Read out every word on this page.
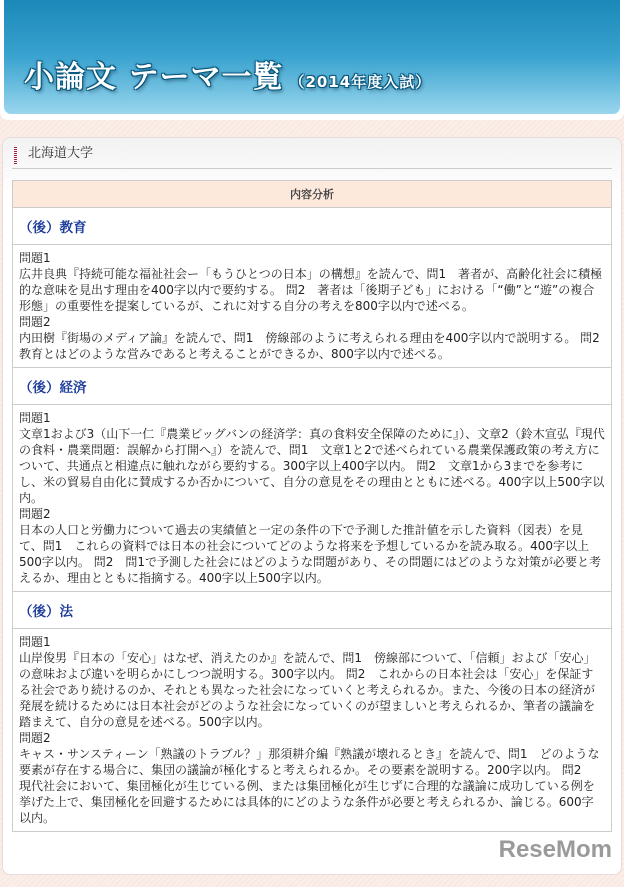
小論文 テーマ一覧 （2014年度入試）
北海道大学
内容分析
（後）教育

問題1
広井良典『持続可能な福祉社会ー「もうひとつの日本」の構想』を読んで、問1　著者が、高齢化社会に積極的な意味を見出す理由を400字以内で要約する。 問2　著者は「後期子ども」における「“働”と“遊”の複合形態」の重要性を提案しているが、これに対する自分の考えを800字以内で述べる。
問題2
内田樹『街場のメディア論』を読んで、問1　傍線部のように考えられる理由を400字以内で説明する。 問2　教育とはどのような営みであると考えることができるか、800字以内で述べる。

（後）経済

問題1
文章1および3（山下一仁『農業ビッグバンの経済学：真の食料安全保障のために』）、文章2（鈴木宣弘『現代の食料・農業問題：誤解から打開へ』）を読んで、問1　文章1と2で述べられている農業保護政策の考え方について、共通点と相違点に触れながら要約する。300字以上400字以内。 問2　文章1から3までを参考にし、米の貿易自由化に賛成するか否かについて、自分の意見をその理由とともに述べる。400字以上500字以内。
問題2
日本の人口と労働力について過去の実績値と一定の条件の下で予測した推計値を示した資料（図表）を見て、問1　これらの資料では日本の社会についてどのような将来を予想しているかを読み取る。400字以上500字以内。 問2　問1で予測した社会にはどのような問題があり、その問題にはどのような対策が必要と考えるか、理由とともに指摘する。400字以上500字以内。

（後）法

問題1
山岸俊男『日本の「安心」はなぜ、消えたのか』を読んで、問1　傍線部について、「信頼」および「安心」の意味および違いを明らかにしつつ説明する。300字以内。 問2　これからの日本社会は「安心」を保証する社会であり続けるのか、それとも異なった社会になっていくと考えられるか。また、今後の日本の経済が発展を続けるためには日本社会がどのような社会になっていくのが望ましいと考えられるか、筆者の議論を踏まえて、自分の意見を述べる。500字以内。
問題2
キャス・サンスティーン「熟議のトラブル？」那須耕介編『熟議が壊れるとき』を読んで、問1　どのような要素が存在する場合に、集団の議論が極化すると考えられるか。その要素を説明する。200字以内。 問2　現代社会において、集団極化が生じている例、または集団極化が生じずに合理的な議論に成功している例を挙げた上で、集団極化を回避するためには具体的にどのような条件が必要と考えられるか、論じる。600字以内。
ReseMom
